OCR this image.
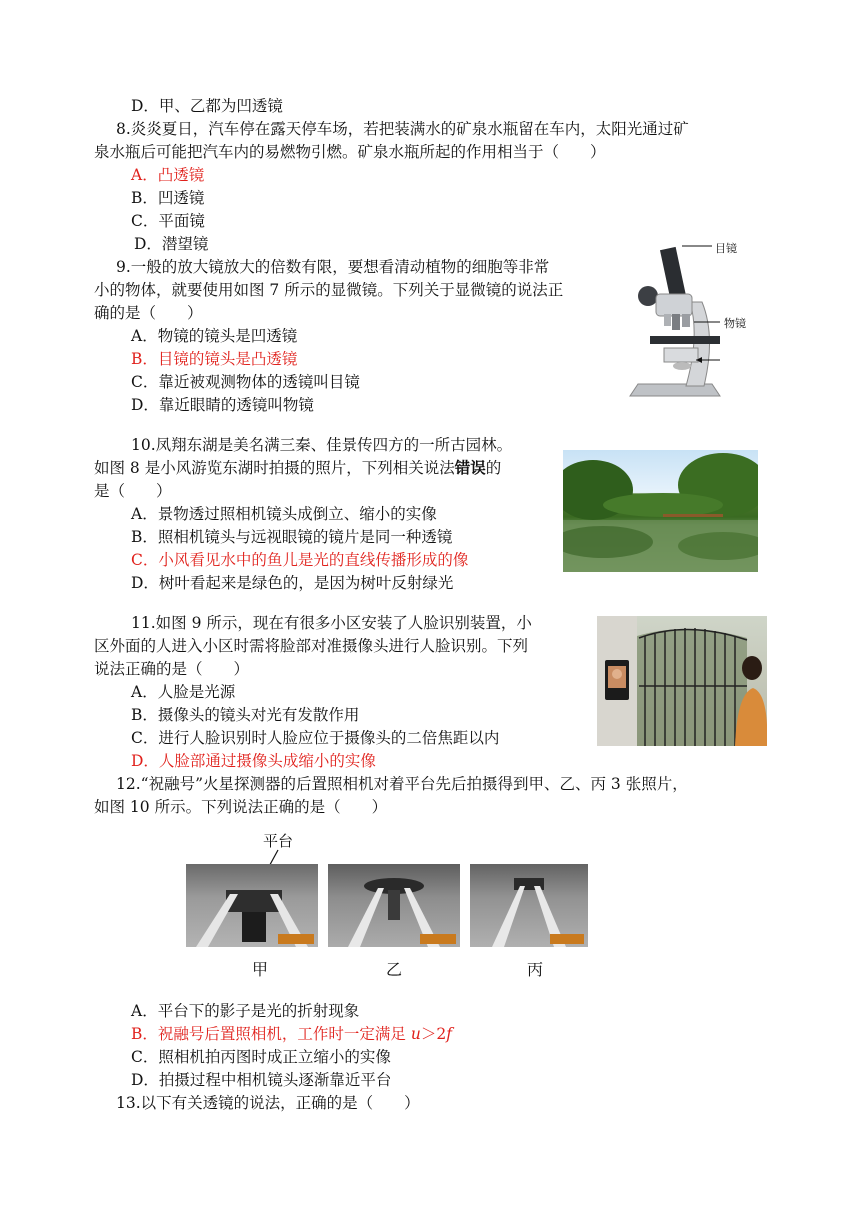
D．甲、乙都为凹透镜
8.炎炎夏日，汽车停在露天停车场，若把装满水的矿泉水瓶留在车内，太阳光通过矿
泉水瓶后可能把汽车内的易燃物引燃。矿泉水瓶所起的作用相当于（　　）
A．凸透镜
B．凹透镜
C．平面镜
D．潜望镜
9.一般的放大镜放大的倍数有限，要想看清动植物的细胞等非常
小的物体，就要使用如图 7 所示的显微镜。下列关于显微镜的说法正
确的是（　　）
A．物镜的镜头是凹透镜
B．目镜的镜头是凸透镜
C．靠近被观测物体的透镜叫目镜
D．靠近眼睛的透镜叫物镜
目镜
物镜
10.凤翔东湖是美名满三秦、佳景传四方的一所古园林。
如图 8 是小风游览东湖时拍摄的照片，下列相关说法错误的
是（　　）
A．景物透过照相机镜头成倒立、缩小的实像
B．照相机镜头与远视眼镜的镜片是同一种透镜
C．小风看见水中的鱼儿是光的直线传播形成的像
D．树叶看起来是绿色的，是因为树叶反射绿光
11.如图 9 所示，现在有很多小区安装了人脸识别装置，小
区外面的人进入小区时需将脸部对准摄像头进行人脸识别。下列
说法正确的是（　　）
A．人脸是光源
B．摄像头的镜头对光有发散作用
C．进行人脸识别时人脸应位于摄像头的二倍焦距以内
D．人脸部通过摄像头成缩小的实像
12.“祝融号”火星探测器的后置照相机对着平台先后拍摄得到甲、乙、丙 3 张照片，
如图 10 所示。下列说法正确的是（　　）
平台
甲	乙	丙
A．平台下的影子是光的折射现象
B．祝融号后置照相机，工作时一定满足 u＞2f
C．照相机拍丙图时成正立缩小的实像
D．拍摄过程中相机镜头逐渐靠近平台
13.以下有关透镜的说法，正确的是（　　）
